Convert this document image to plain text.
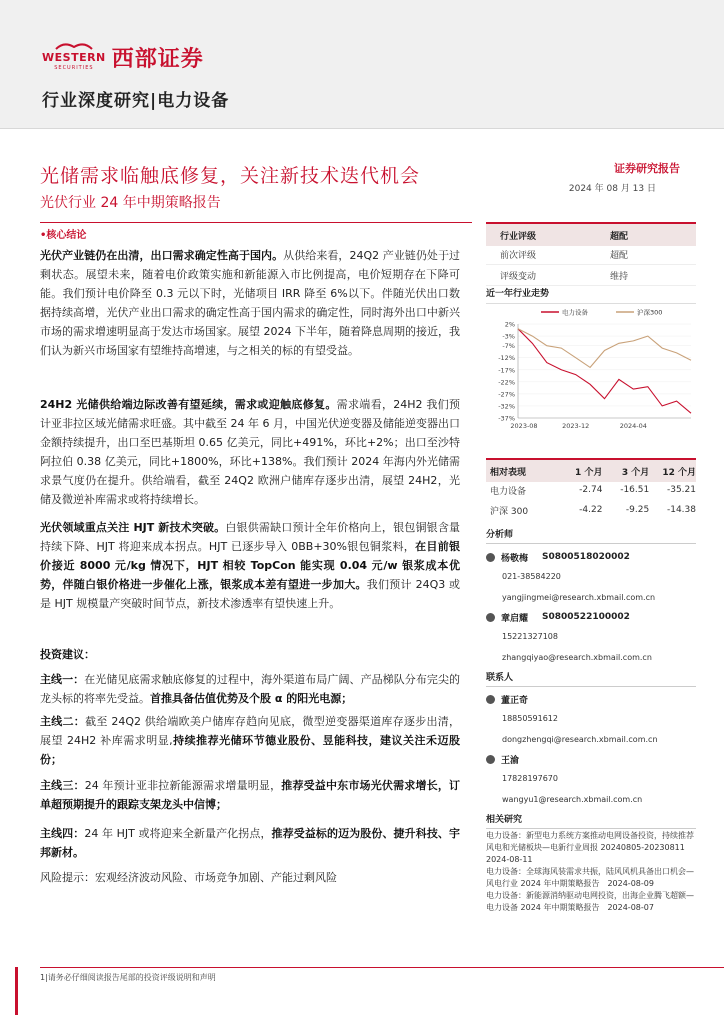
WESTERN
SECURITIES 西部证券
行业深度研究|电力设备
光储需求临触底修复，关注新技术迭代机会
光伏行业 24 年中期策略报告
证券研究报告
2024 年 08 月 13 日
•核心结论
光伏产业链仍在出清，出口需求确定性高于国内。从供给来看，24Q2 产业链仍处于过剩状态。展望未来，随着电价政策实施和新能源入市比例提高，电价短期存在下降可能。我们预计电价降至 0.3 元以下时，光储项目 IRR 降至 6%以下。伴随光伏出口数据持续高增，光伏产业出口需求的确定性高于国内需求的确定性，同时海外出口中新兴市场的需求增速明显高于发达市场国家。展望 2024 下半年，随着降息周期的接近，我们认为新兴市场国家有望维持高增速，与之相关的标的有望受益。
24H2 光储供给端边际改善有望延续，需求或迎触底修复。需求端看，24H2 我们预计亚非拉区域光储需求旺盛。其中截至 24 年 6 月，中国光伏逆变器及储能逆变器出口金额持续提升，出口至巴基斯坦 0.65 亿美元，同比+491%，环比+2%；出口至沙特阿拉伯 0.38 亿美元，同比+1800%，环比+138%。我们预计 2024 年海内外光储需求景气度仍在提升。供给端看，截至 24Q2 欧洲户储库存逐步出清，展望 24H2，光储及微逆补库需求或将持续增长。
光伏领域重点关注 HJT 新技术突破。白银供需缺口预计全年价格向上，银包铜银含量持续下降、HJT 将迎来成本拐点。HJT 已逐步导入 0BB+30%银包铜浆料，在目前银价接近 8000 元/kg 情况下，HJT 相较 TopCon 能实现 0.04 元/w 银浆成本优势，伴随白银价格进一步催化上涨，银浆成本差有望进一步加大。我们预计 24Q3 或是 HJT 规模量产突破时间节点，新技术渗透率有望快速上升。
投资建议：
主线一：在光储见底需求触底修复的过程中，海外渠道布局广阔、产品梯队分布完尖的龙头标的将率先受益。首推具备估值优势及个股 α 的阳光电源；
主线二：截至 24Q2 供给端欧美户储库存趋向见底，微型逆变器渠道库存逐步出清，展望 24H2 补库需求明显,持续推荐光储环节德业股份、昱能科技，建议关注禾迈股份；
主线三：24 年预计亚非拉新能源需求增量明显，推荐受益中东市场光伏需求增长，订单超预期提升的跟踪支架龙头中信博；
主线四：24 年 HJT 或将迎来全新量产化拐点，推荐受益标的迈为股份、捷升科技、宇邦新材。
风险提示：宏观经济波动风险、市场竞争加剧、产能过剩风险
行业评级	超配
前次评级	超配
评级变动	维持
近一年行业走势
2%
-3%
-7%
-12%
-17%
-22%
-27%
-32%
-37%
电力设备	沪深300
2023-08	2023-12	2024-04
相对表现	1 个月	3 个月	12 个月
电力设备	-2.74	-16.51	-35.21
沪深 300	-4.22	-9.25	-14.38
分析师
杨敬梅 S0800518020002
021-38584220
yangjingmei@research.xbmail.com.cn
章启耀 S0800522100002
15221327108
zhangqiyao@research.xbmail.com.cn
联系人
董正奇
18850591612
dongzhengqi@research.xbmail.com.cn
王渝
17828197670
wangyu1@research.xbmail.com.cn
相关研究
电力设备：新型电力系统方案推动电网设备投资，持续推荐风电和光储板块—电新行业周报 20240805-20230811　2024-08-11
电力设备：全球海风装需求共振，陆风风机具备出口机会—风电行业 2024 年中期策略报告　2024-08-09
电力设备：新能源消纳驱动电网投资，出海企业腾飞超额—电力设备 2024 年中期策略报告　2024-08-07
1|请务必仔细阅读报告尾部的投资评级说明和声明
